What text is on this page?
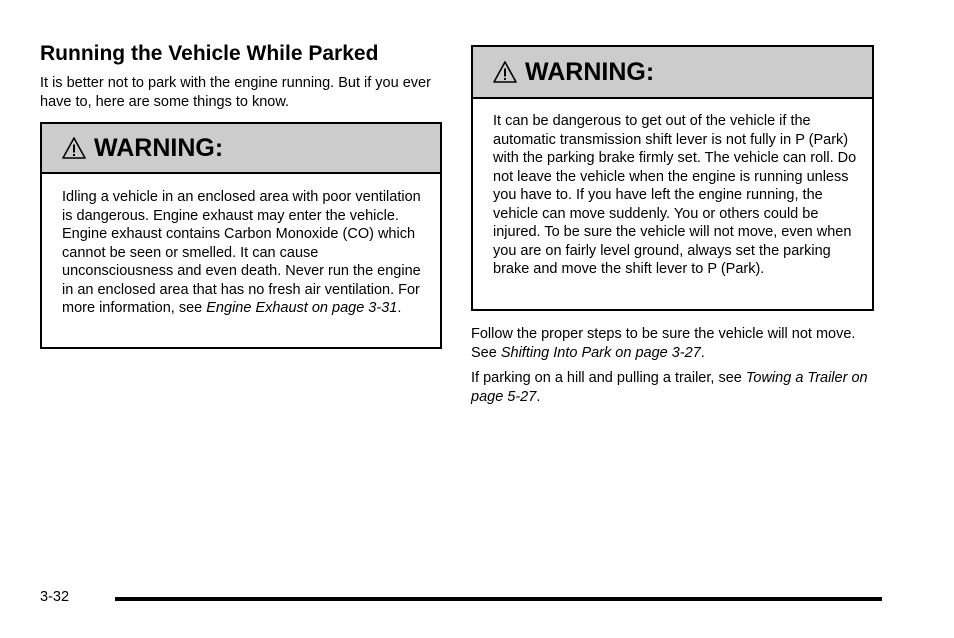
Running the Vehicle While Parked

It is better not to park with the engine running. But if you ever have to, here are some things to know.

WARNING:
Idling a vehicle in an enclosed area with poor ventilation is dangerous. Engine exhaust may enter the vehicle. Engine exhaust contains Carbon Monoxide (CO) which cannot be seen or smelled. It can cause unconsciousness and even death. Never run the engine in an enclosed area that has no fresh air ventilation. For more information, see Engine Exhaust on page 3-31.
WARNING:
It can be dangerous to get out of the vehicle if the automatic transmission shift lever is not fully in P (Park) with the parking brake firmly set. The vehicle can roll. Do not leave the vehicle when the engine is running unless you have to. If you have left the engine running, the vehicle can move suddenly. You or others could be injured. To be sure the vehicle will not move, even when you are on fairly level ground, always set the parking brake and move the shift lever to P (Park).

Follow the proper steps to be sure the vehicle will not move. See Shifting Into Park on page 3-27.

If parking on a hill and pulling a trailer, see Towing a Trailer on page 5-27.

3-32
